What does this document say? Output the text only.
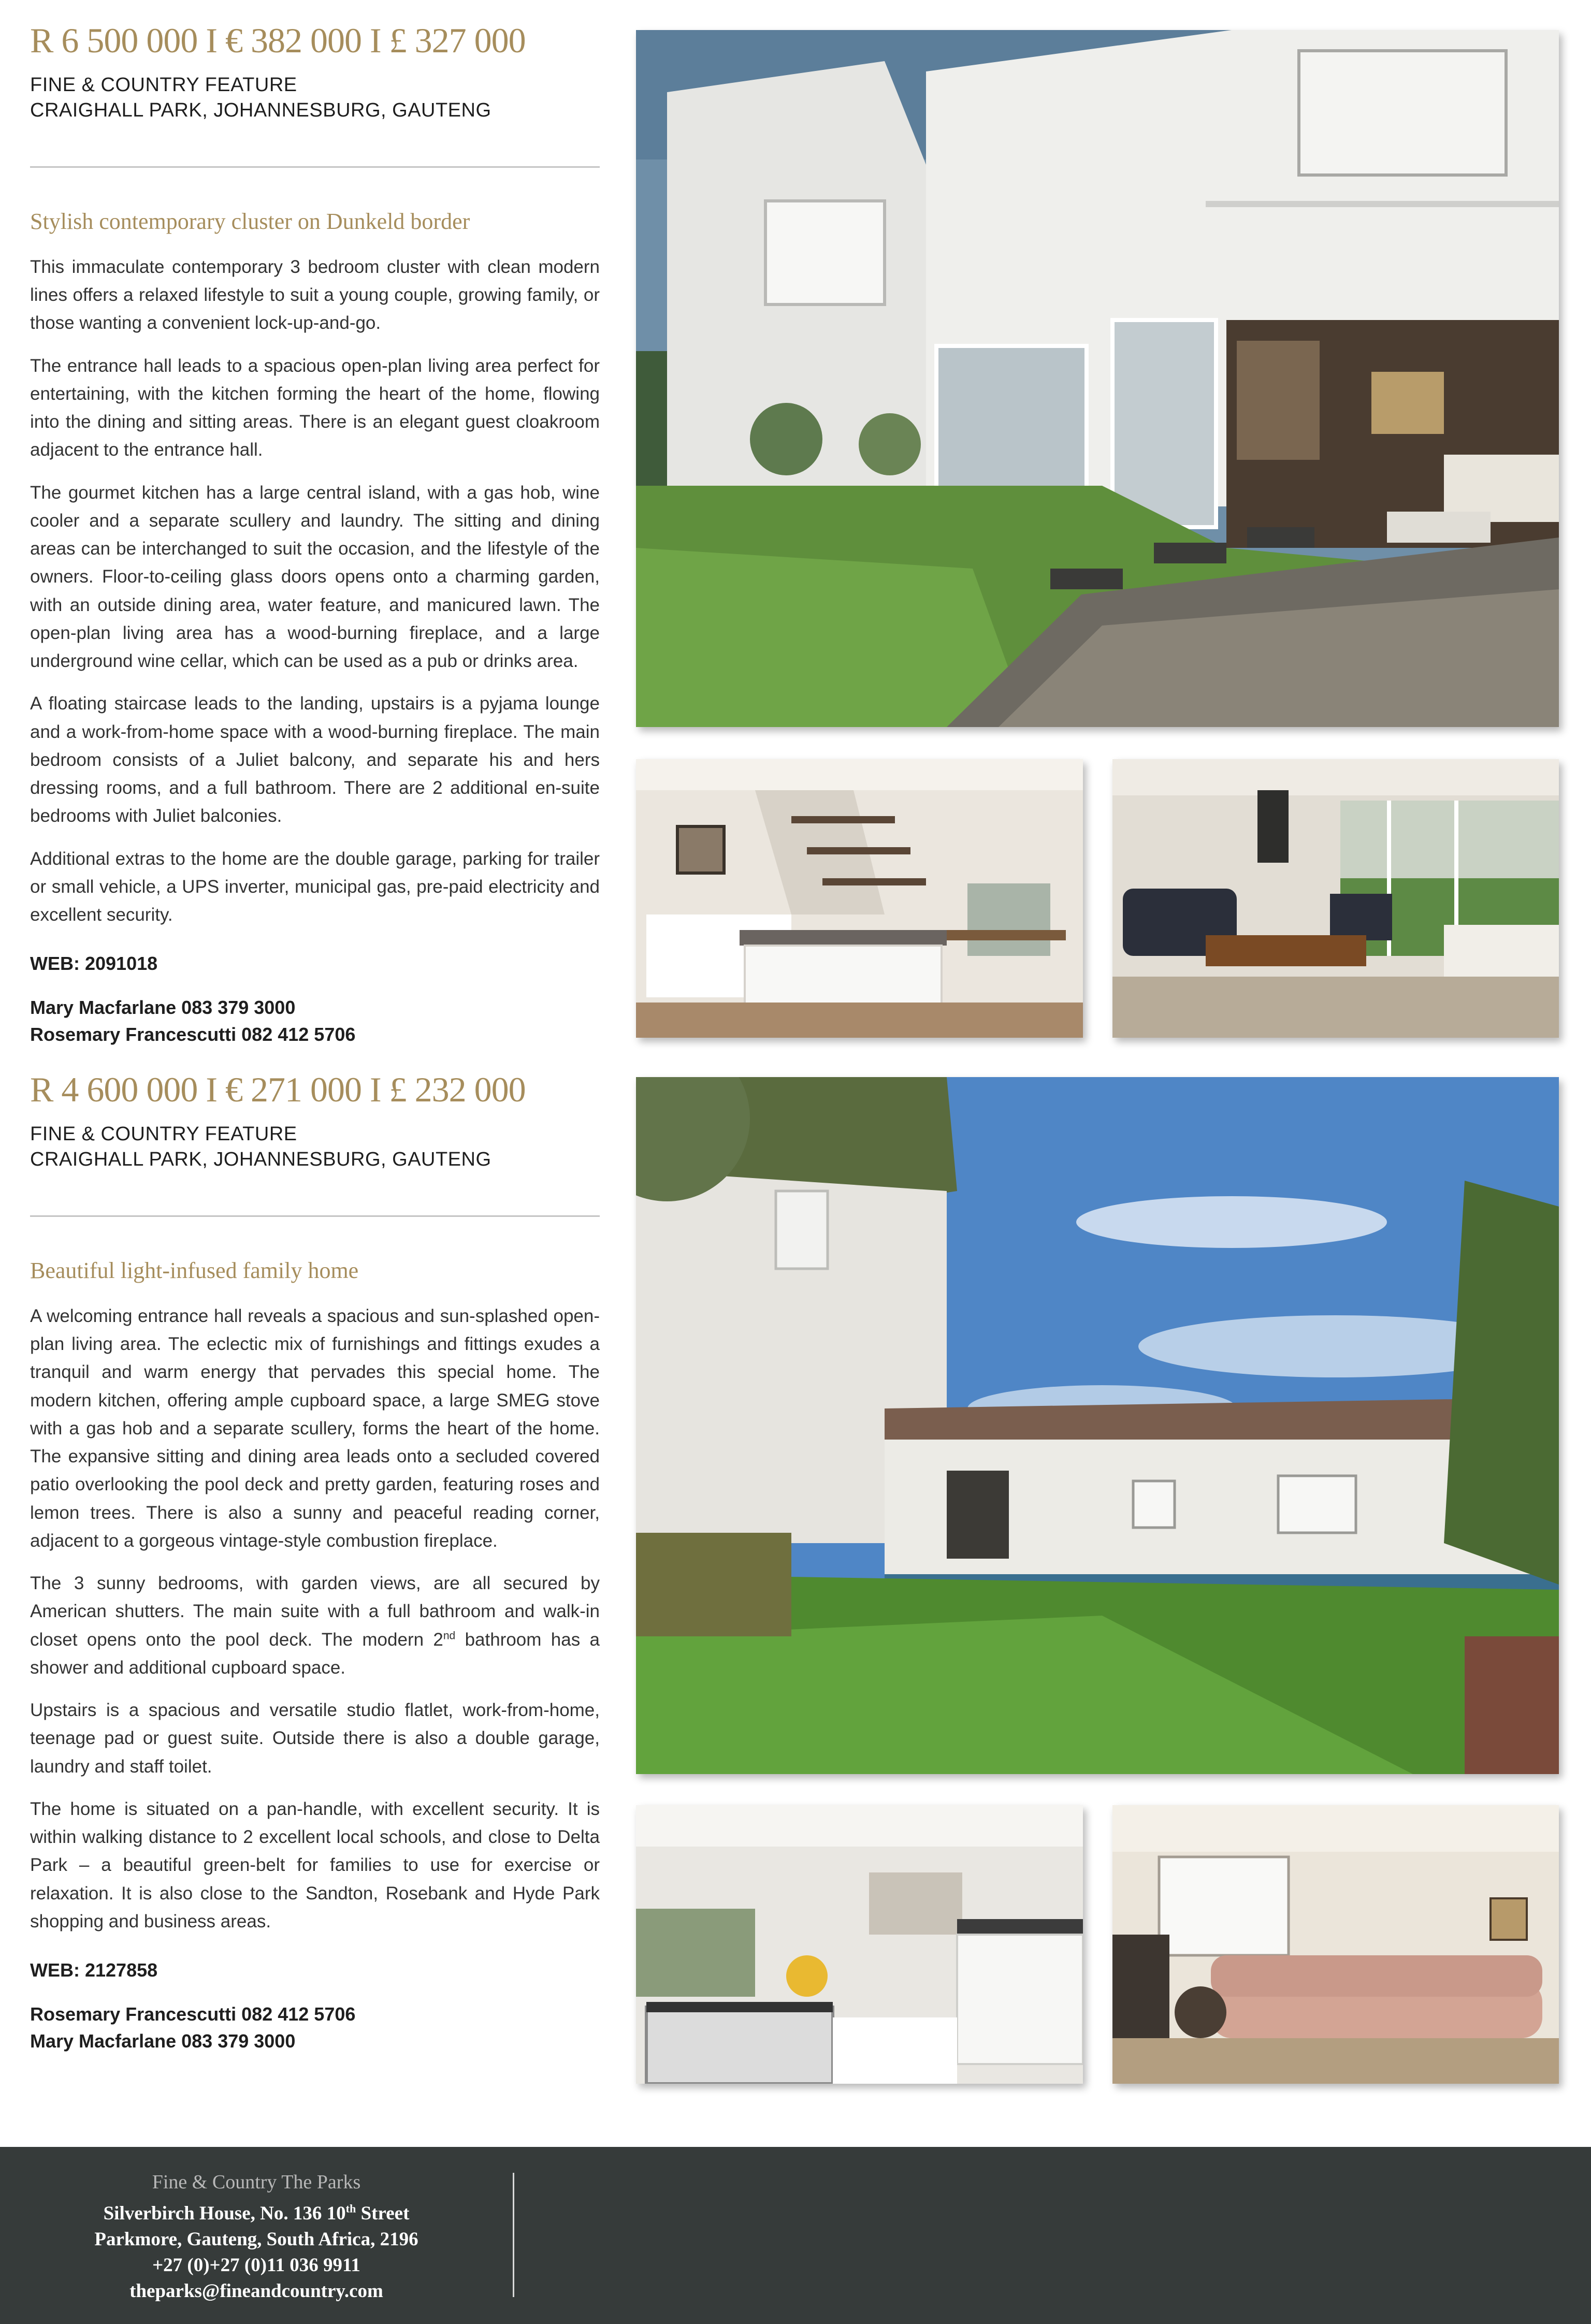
R 6 500 000 I € 382 000 I £ 327 000
FINE & COUNTRY FEATURE
CRAIGHALL PARK, JOHANNESBURG, GAUTENG
Stylish contemporary cluster on Dunkeld border

This immaculate contemporary 3 bedroom cluster with clean modern lines offers a relaxed lifestyle to suit a young couple, growing family, or those wanting a convenient lock-up-and-go.

The entrance hall leads to a spacious open-plan living area perfect for entertaining, with the kitchen forming the heart of the home, flowing into the dining and sitting areas. There is an elegant guest cloakroom adjacent to the entrance hall.

The gourmet kitchen has a large central island, with a gas hob, wine cooler and a separate scullery and laundry. The sitting and dining areas can be interchanged to suit the occasion, and the lifestyle of the owners. Floor-to-ceiling glass doors opens onto a charming garden, with an outside dining area, water feature, and manicured lawn. The open-plan living area has a wood-burning fireplace, and a large underground wine cellar, which can be used as a pub or drinks area.

A floating staircase leads to the landing, upstairs is a pyjama lounge and a work-from-home space with a wood-burning fireplace. The main bedroom consists of a Juliet balcony, and separate his and hers dressing rooms, and a full bathroom. There are 2 additional en-suite bedrooms with Juliet balconies.

Additional extras to the home are the double garage, parking for trailer or small vehicle, a UPS inverter, municipal gas, pre-paid electricity and excellent security.

WEB: 2091018
Mary Macfarlane 083 379 3000
Rosemary Francescutti 082 412 5706
R 4 600 000 I € 271 000 I £ 232 000
FINE & COUNTRY FEATURE
CRAIGHALL PARK, JOHANNESBURG, GAUTENG
Beautiful light-infused family home

A welcoming entrance hall reveals a spacious and sun-splashed open-plan living area. The eclectic mix of furnishings and fittings exudes a tranquil and warm energy that pervades this special home. The modern kitchen, offering ample cupboard space, a large SMEG stove with a gas hob and a separate scullery, forms the heart of the home. The expansive sitting and dining area leads onto a secluded covered patio overlooking the pool deck and pretty garden, featuring roses and lemon trees. There is also a sunny and peaceful reading corner, adjacent to a gorgeous vintage-style combustion fireplace.

The 3 sunny bedrooms, with garden views, are all secured by American shutters. The main suite with a full bathroom and walk-in closet opens onto the pool deck. The modern 2nd bathroom has a shower and additional cupboard space.

Upstairs is a spacious and versatile studio flatlet, work-from-home, teenage pad or guest suite. Outside there is also a double garage, laundry and staff toilet.

The home is situated on a pan-handle, with excellent security. It is within walking distance to 2 excellent local schools, and close to Delta Park – a beautiful green-belt for families to use for exercise or relaxation. It is also close to the Sandton, Rosebank and Hyde Park shopping and business areas.

WEB: 2127858
Rosemary Francescutti 082 412 5706
Mary Macfarlane 083 379 3000
Fine & Country The Parks
Silverbirch House, No. 136 10th Street
Parkmore, Gauteng, South Africa, 2196
+27 (0)+27 (0)11 036 9911
theparks@fineandcountry.com
